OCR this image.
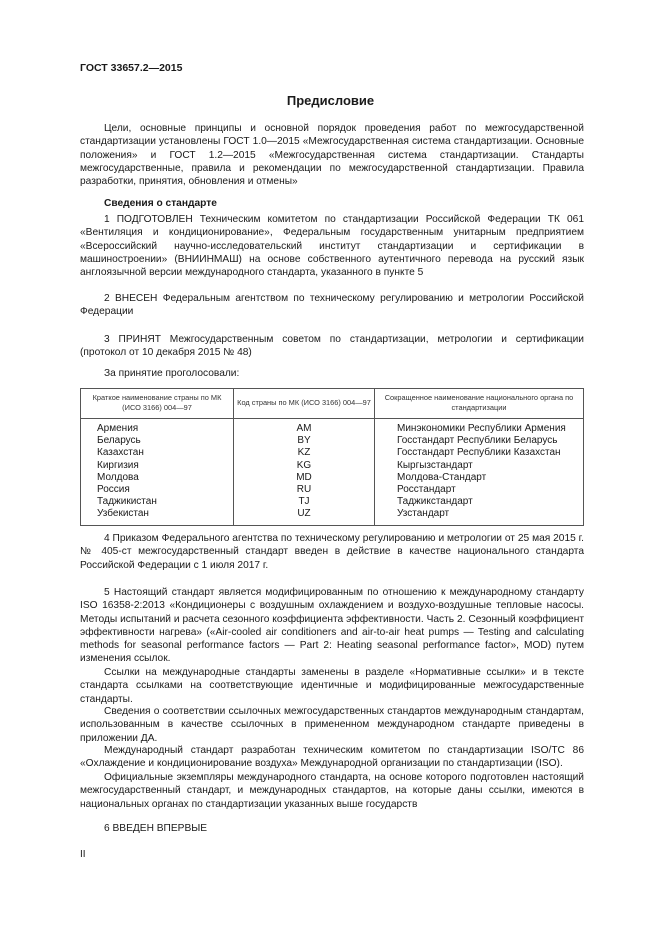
ГОСТ 33657.2—2015
Предисловие

Цели, основные принципы и основной порядок проведения работ по межгосударственной стандартизации установлены ГОСТ 1.0—2015 «Межгосударственная система стандартизации. Основные положения» и ГОСТ 1.2—2015 «Межгосударственная система стандартизации. Стандарты межгосударственные, правила и рекомендации по межгосударственной стандартизации. Правила разработки, принятия, обновления и отмены»

Сведения о стандарте

1 ПОДГОТОВЛЕН Техническим комитетом по стандартизации Российской Федерации ТК 061 «Вентиляция и кондиционирование», Федеральным государственным унитарным предприятием «Всероссийский научно-исследовательский институт стандартизации и сертификации в машиностроении» (ВНИИНМАШ) на основе собственного аутентичного перевода на русский язык англоязычной версии международного стандарта, указанного в пункте 5

2 ВНЕСЕН Федеральным агентством по техническому регулированию и метрологии Российской Федерации

3 ПРИНЯТ Межгосударственным советом по стандартизации, метрологии и сертификации (протокол от 10 декабря 2015 № 48)

За принятие проголосовали:

Краткое наименование страны по МК (ИСО 3166) 004—97	Код страны по МК (ИСО 3166) 004—97	Сокращенное наименование национального органа по стандартизации
Армения	AM	Минэкономики Республики Армения
Беларусь	BY	Госстандарт Республики Беларусь
Казахстан	KZ	Госстандарт Республики Казахстан
Киргизия	KG	Кыргызстандарт
Молдова	MD	Молдова-Стандарт
Россия	RU	Росстандарт
Таджикистан	TJ	Таджикстандарт
Узбекистан	UZ	Узстандарт

4 Приказом Федерального агентства по техническому регулированию и метрологии от 25 мая 2015 г. № 405-ст межгосударственный стандарт введен в действие в качестве национального стандарта Российской Федерации с 1 июля 2017 г.

5 Настоящий стандарт является модифицированным по отношению к международному стандарту ISO 16358-2:2013 «Кондиционеры с воздушным охлаждением и воздухо-воздушные тепловые насосы. Методы испытаний и расчета сезонного коэффициента эффективности. Часть 2. Сезонный коэффициент эффективности нагрева» («Air-cooled air conditioners and air-to-air heat pumps — Testing and calculating methods for seasonal performance factors — Part 2: Heating seasonal performance factor», MOD) путем изменения ссылок.

Ссылки на международные стандарты заменены в разделе «Нормативные ссылки» и в тексте стандарта ссылками на соответствующие идентичные и модифицированные межгосударственные стандарты.

Сведения о соответствии ссылочных межгосударственных стандартов международным стандартам, использованным в качестве ссылочных в примененном международном стандарте приведены в приложении ДА.

Международный стандарт разработан техническим комитетом по стандартизации ISO/TC 86 «Охлаждение и кондиционирование воздуха» Международной организации по стандартизации (ISO).

Официальные экземпляры международного стандарта, на основе которого подготовлен настоящий межгосударственный стандарт, и международных стандартов, на которые даны ссылки, имеются в национальных органах по стандартизации указанных выше государств

6 ВВЕДЕН ВПЕРВЫЕ

II
